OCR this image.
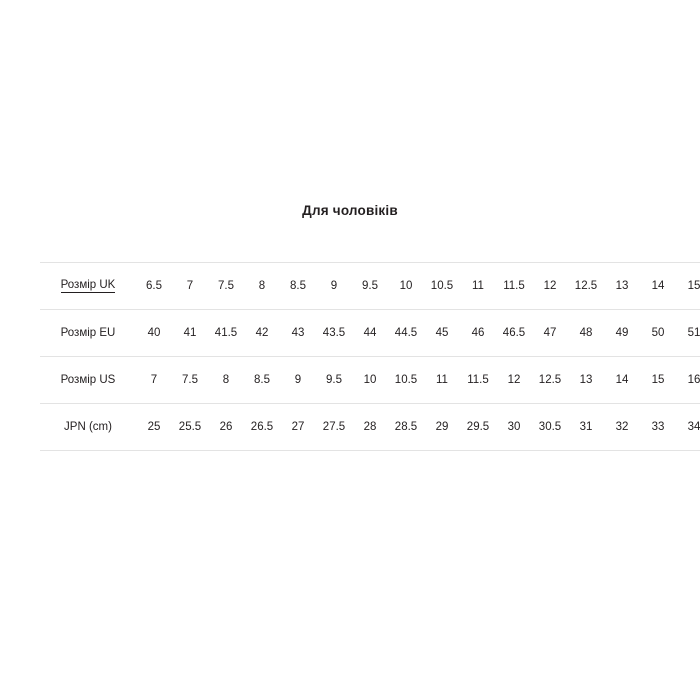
Для чоловіків
Розмір UK	6.5	7	7.5	8	8.5	9	9.5	10	10.5	11	11.5	12	12.5	13	14	15
Розмір EU	40	41	41.5	42	43	43.5	44	44.5	45	46	46.5	47	48	49	50	51
Розмір US	7	7.5	8	8.5	9	9.5	10	10.5	11	11.5	12	12.5	13	14	15	16
JPN (cm)	25	25.5	26	26.5	27	27.5	28	28.5	29	29.5	30	30.5	31	32	33	34
